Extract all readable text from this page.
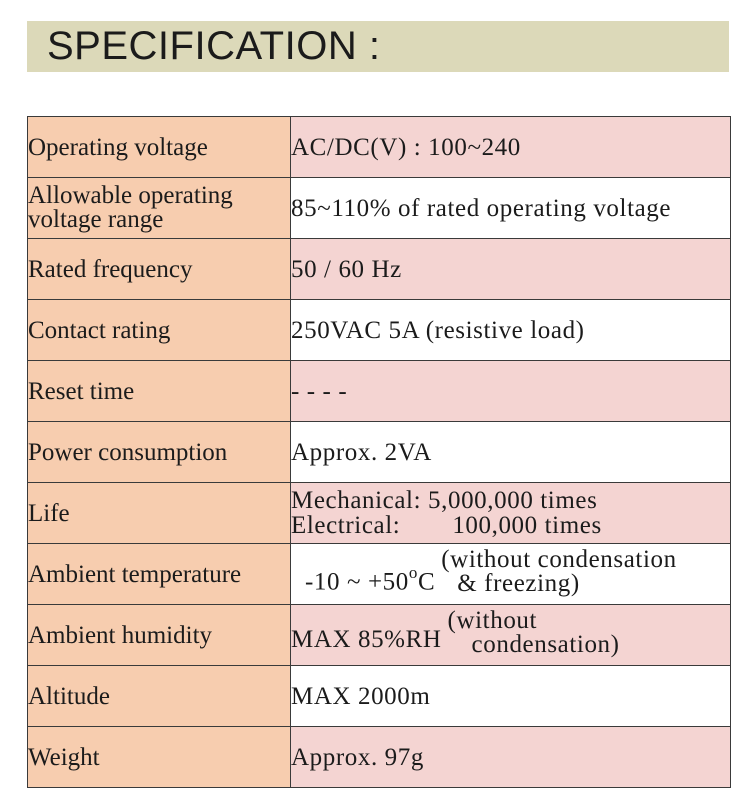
SPECIFICATION :
Operating voltage	AC/DC(V) : 100~240

Allowable operating
voltage range	85~110% of rated operating voltage
Rated frequency	50 / 60 Hz
Contact rating	250VAC 5A (resistive load)
Reset time	- - - -
Power consumption	Approx. 2VA
Life	Mechanical: 5,000,000 times
Electrical: 100,000 times

Ambient temperature	-10 ~ $+50^oC$
(without condensation
& freezing)

Ambient humidity	MAX 85%RH
(without
condensation)

Altitude	MAX 2000m
Weight	Approx. 97g
